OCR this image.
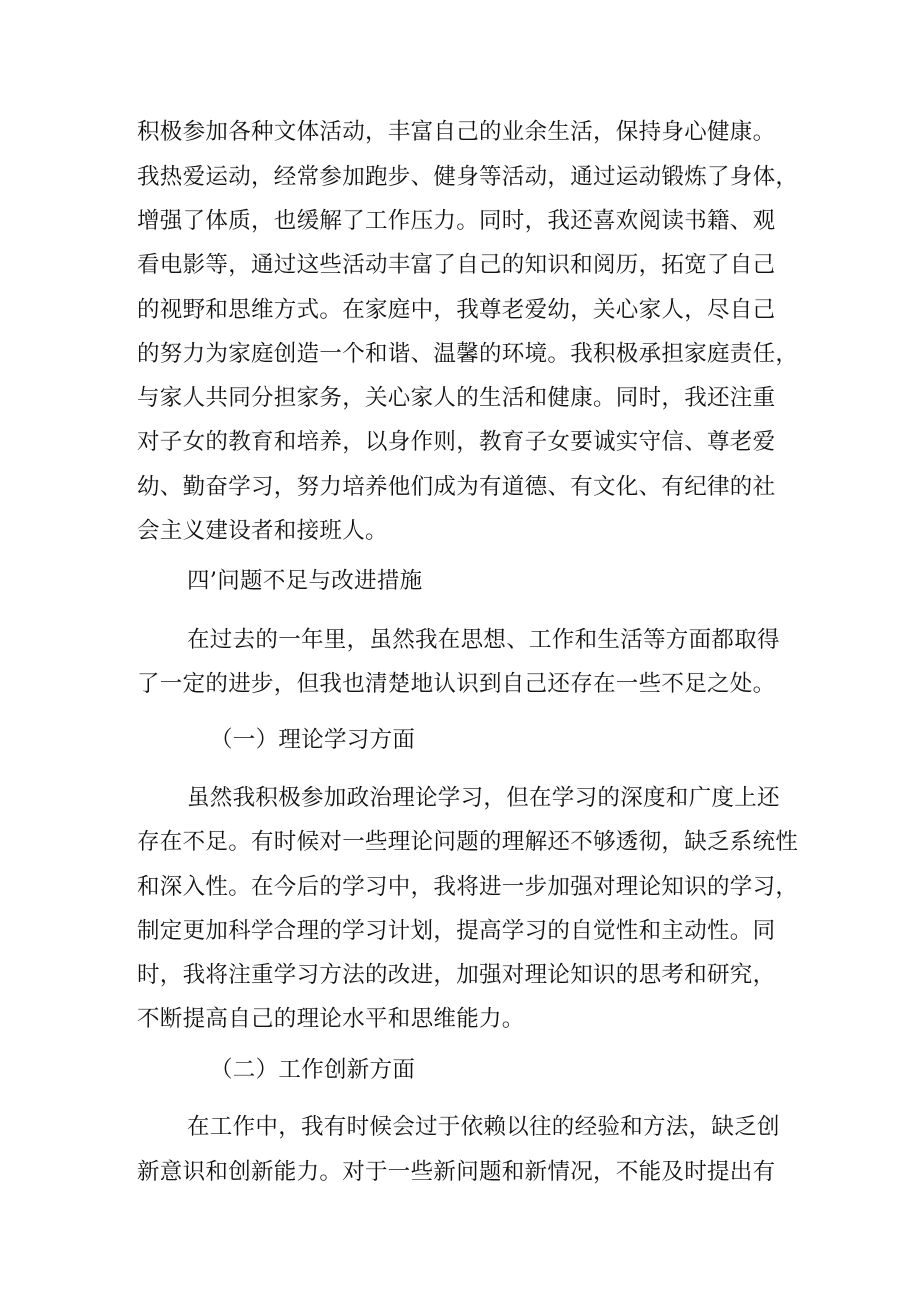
积极参加各种文体活动，丰富自己的业余生活，保持身心健康。
我热爱运动，经常参加跑步、健身等活动，通过运动锻炼了身体，
增强了体质，也缓解了工作压力。同时，我还喜欢阅读书籍、观
看电影等，通过这些活动丰富了自己的知识和阅历，拓宽了自己
的视野和思维方式。在家庭中，我尊老爱幼，关心家人，尽自己
的努力为家庭创造一个和谐、温馨的环境。我积极承担家庭责任，
与家人共同分担家务，关心家人的生活和健康。同时，我还注重
对子女的教育和培养，以身作则，教育子女要诚实守信、尊老爱
幼、勤奋学习，努力培养他们成为有道德、有文化、有纪律的社
会主义建设者和接班人。
四’问题不足与改进措施
在过去的一年里，虽然我在思想、工作和生活等方面都取得
了一定的进步，但我也清楚地认识到自己还存在一些不足之处。
（一）理论学习方面
虽然我积极参加政治理论学习，但在学习的深度和广度上还
存在不足。有时候对一些理论问题的理解还不够透彻，缺乏系统性
和深入性。在今后的学习中，我将进一步加强对理论知识的学习，
制定更加科学合理的学习计划，提高学习的自觉性和主动性。同
时，我将注重学习方法的改进，加强对理论知识的思考和研究，
不断提高自己的理论水平和思维能力。
（二）工作创新方面
在工作中，我有时候会过于依赖以往的经验和方法，缺乏创
新意识和创新能力。对于一些新问题和新情况，不能及时提出有
